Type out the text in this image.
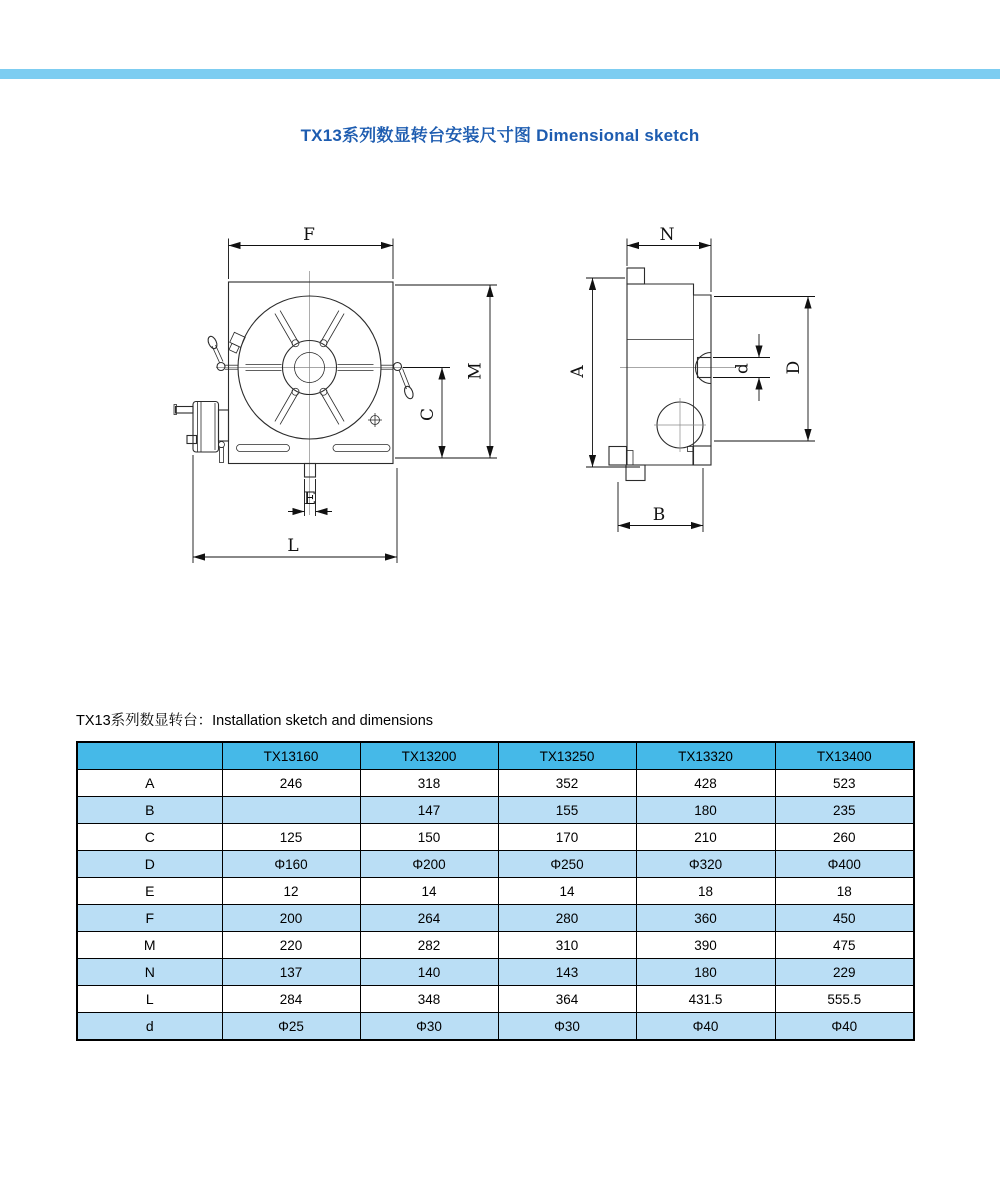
TX13系列数显转台安装尺寸图 Dimensional sketch
F
M
C
E
L
N
A	D
d
B
TX13系列数显转台：Installation sketch and dimensions
	TX13160	TX13200	TX13250	TX13320	TX13400
A	246	318	352	428	523
B		147	155	180	235
C	125	150	170	210	260
D	Φ160	Φ200	Φ250	Φ320	Φ400
E	12	14	14	18	18
F	200	264	280	360	450
M	220	282	310	390	475
N	137	140	143	180	229
L	284	348	364	431.5	555.5
d	Φ25	Φ30	Φ30	Φ40	Φ40
